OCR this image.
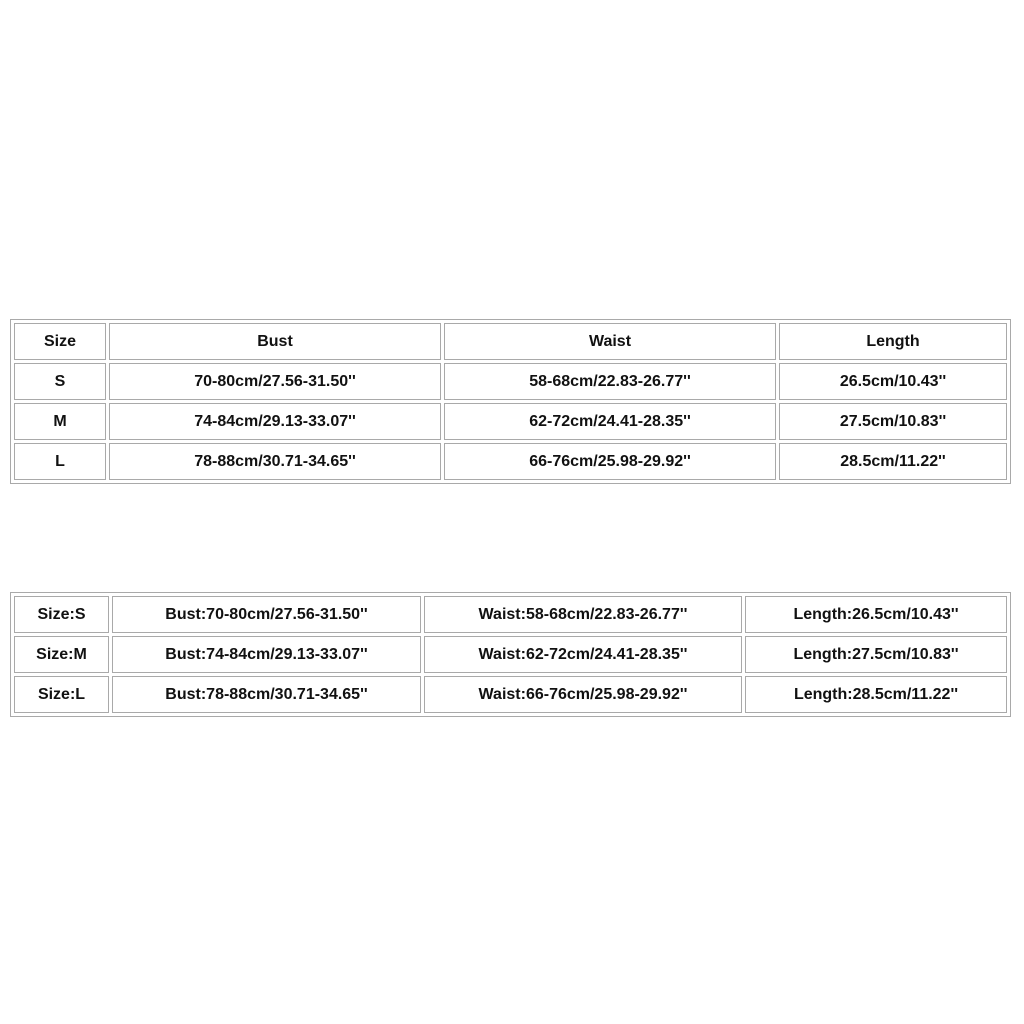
Size	Bust	Waist	Length
S	70-80cm/27.56-31.50''	58-68cm/22.83-26.77''	26.5cm/10.43''
M	74-84cm/29.13-33.07''	62-72cm/24.41-28.35''	27.5cm/10.83''
L	78-88cm/30.71-34.65''	66-76cm/25.98-29.92''	28.5cm/11.22''
Size:S	Bust:70-80cm/27.56-31.50''	Waist:58-68cm/22.83-26.77''	Length:26.5cm/10.43''
Size:M	Bust:74-84cm/29.13-33.07''	Waist:62-72cm/24.41-28.35''	Length:27.5cm/10.83''
Size:L	Bust:78-88cm/30.71-34.65''	Waist:66-76cm/25.98-29.92''	Length:28.5cm/11.22''
